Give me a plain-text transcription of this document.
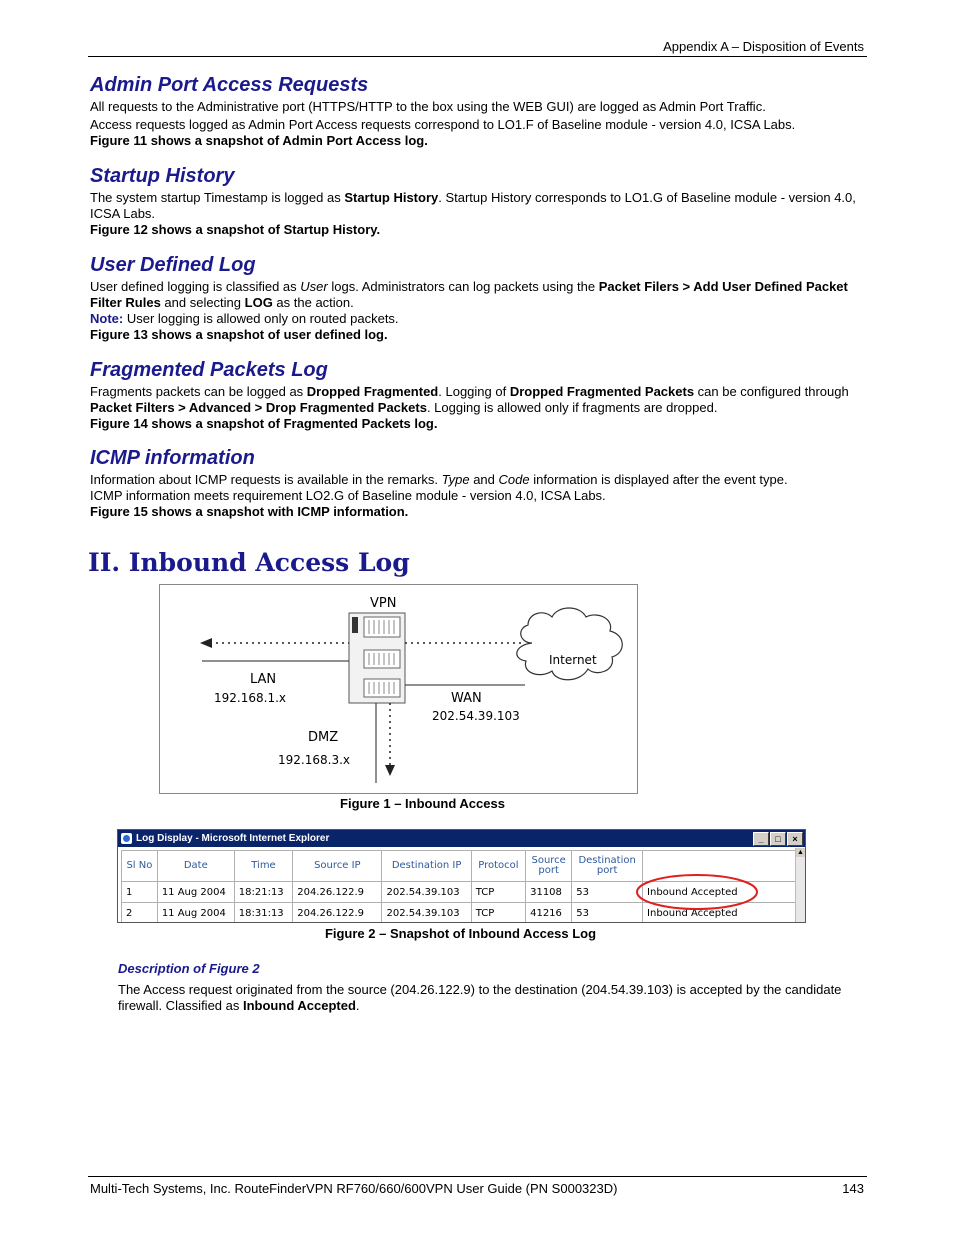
Appendix A – Disposition of Events
Admin Port Access Requests

All requests to the Administrative port (HTTPS/HTTP to the box using the WEB GUI) are logged as Admin Port Traffic.

Access requests logged as Admin Port Access requests correspond to LO1.F of Baseline module - version 4.0, ICSA Labs.

Figure 11 shows a snapshot of Admin Port Access log.

Startup History

The system startup Timestamp is logged as Startup History. Startup History corresponds to LO1.G of Baseline module - version 4.0, ICSA Labs.

Figure 12 shows a snapshot of Startup History.

User Defined Log

User defined logging is classified as User logs. Administrators can log packets using the Packet Filers > Add User Defined Packet Filter Rules and selecting LOG as the action.

Note: User logging is allowed only on routed packets.

Figure 13 shows a snapshot of user defined log.

Fragmented Packets Log

Fragments packets can be logged as Dropped Fragmented. Logging of Dropped Fragmented Packets can be configured through Packet Filters > Advanced > Drop Fragmented Packets. Logging is allowed only if fragments are dropped.

Figure 14 shows a snapshot of Fragmented Packets log.

ICMP information

Information about ICMP requests is available in the remarks. Type and Code information is displayed after the event type.

ICMP information meets requirement LO2.G of Baseline module - version 4.0, ICSA Labs.

Figure 15 shows a snapshot with ICMP information.

II. Inbound Access Log
VPN
Internet
LAN
192.168.1.x	WAN
202.54.39.103
DMZ
192.168.3.x
Figure 1 – Inbound Access
Log Display - Microsoft Internet Explorer	_	□	×
Sl No	Date	Time	Source IP	Destination IP	Protocol	Source port	Destination port	
1	11 Aug 2004	18:21:13	204.26.122.9	202.54.39.103	TCP	31108	53	Inbound Accepted

2	11 Aug 2004	18:31:13	204.26.122.9	202.54.39.103	TCP	41216	53	Inbound Accepted
▲
Figure 2 – Snapshot of Inbound Access Log
Description of Figure 2

The Access request originated from the source (204.26.122.9) to the destination (204.54.39.103) is accepted by the candidate firewall. Classified as Inbound Accepted.

Multi-Tech Systems, Inc. RouteFinderVPN RF760/660/600VPN User Guide (PN S000323D)	143
